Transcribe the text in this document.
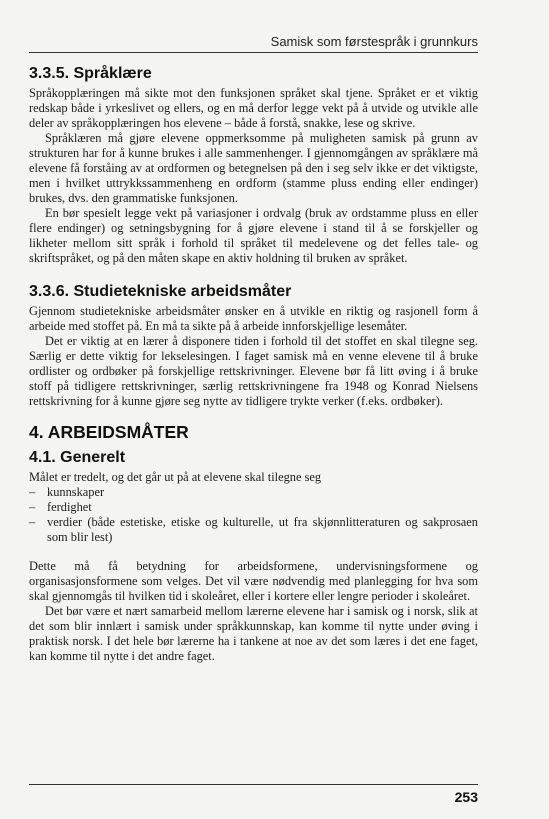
Samisk som førstespråk i grunnkurs
3.3.5. Språklære

Språkopplæringen må sikte mot den funksjonen språket skal tjene. Språket er et viktig redskap både i yrkeslivet og ellers, og en må derfor legge vekt på å utvide og utvikle alle deler av språkopplæringen hos elevene – både å forstå, snakke, lese og skrive.

Språklæren må gjøre elevene oppmerksomme på muligheten samisk på grunn av strukturen har for å kunne brukes i alle sammenhenger. I gjennomgången av språklære må elevene få forståing av at ordformen og betegnelsen på den i seg selv ikke er det viktigste, men i hvilket uttrykkssammenheng en ordform (stamme pluss ending eller endinger) brukes, dvs. den grammatiske funksjonen.

En bør spesielt legge vekt på variasjoner i ordvalg (bruk av ordstamme pluss en eller flere endinger) og setningsbygning for å gjøre elevene i stand til å se forskjeller og likheter mellom sitt språk i forhold til språket til medelevene og det felles tale- og skriftspråket, og på den måten skape en aktiv holdning til bruken av språket.

3.3.6. Studietekniske arbeidsmåter

Gjennom studietekniske arbeidsmåter ønsker en å utvikle en riktig og rasjonell form å arbeide med stoffet på. En må ta sikte på å arbeide innforskjellige lesemåter.

Det er viktig at en lærer å disponere tiden i forhold til det stoffet en skal tilegne seg. Særlig er dette viktig for lekselesingen. I faget samisk må en venne elevene til å bruke ordlister og ordbøker på forskjellige rettskrivninger. Elevene bør få litt øving i å bruke stoff på tidligere rettskrivninger, særlig rettskrivningene fra 1948 og Konrad Nielsens rettskrivning for å kunne gjøre seg nytte av tidligere trykte verker (f.eks. ordbøker).

4. ARBEIDSMÅTER
4.1. Generelt

Målet er tredelt, og det går ut på at elevene skal tilegne seg

– kunnskaper
– ferdighet
– verdier (både estetiske, etiske og kulturelle, ut fra skjønnlitteraturen og sakprosaen som blir lest)

Dette må få betydning for arbeidsformene, undervisningsformene og organisasjonsformene som velges. Det vil være nødvendig med planlegging for hva som skal gjennomgås til hvilken tid i skoleåret, eller i kortere eller lengre perioder i skoleåret.

Det bør være et nært samarbeid mellom lærerne elevene har i samisk og i norsk, slik at det som blir innlært i samisk under språkkunnskap, kan komme til nytte under øving i praktisk norsk. I det hele bør lærerne ha i tankene at noe av det som læres i det ene faget, kan komme til nytte i det andre faget.

253
